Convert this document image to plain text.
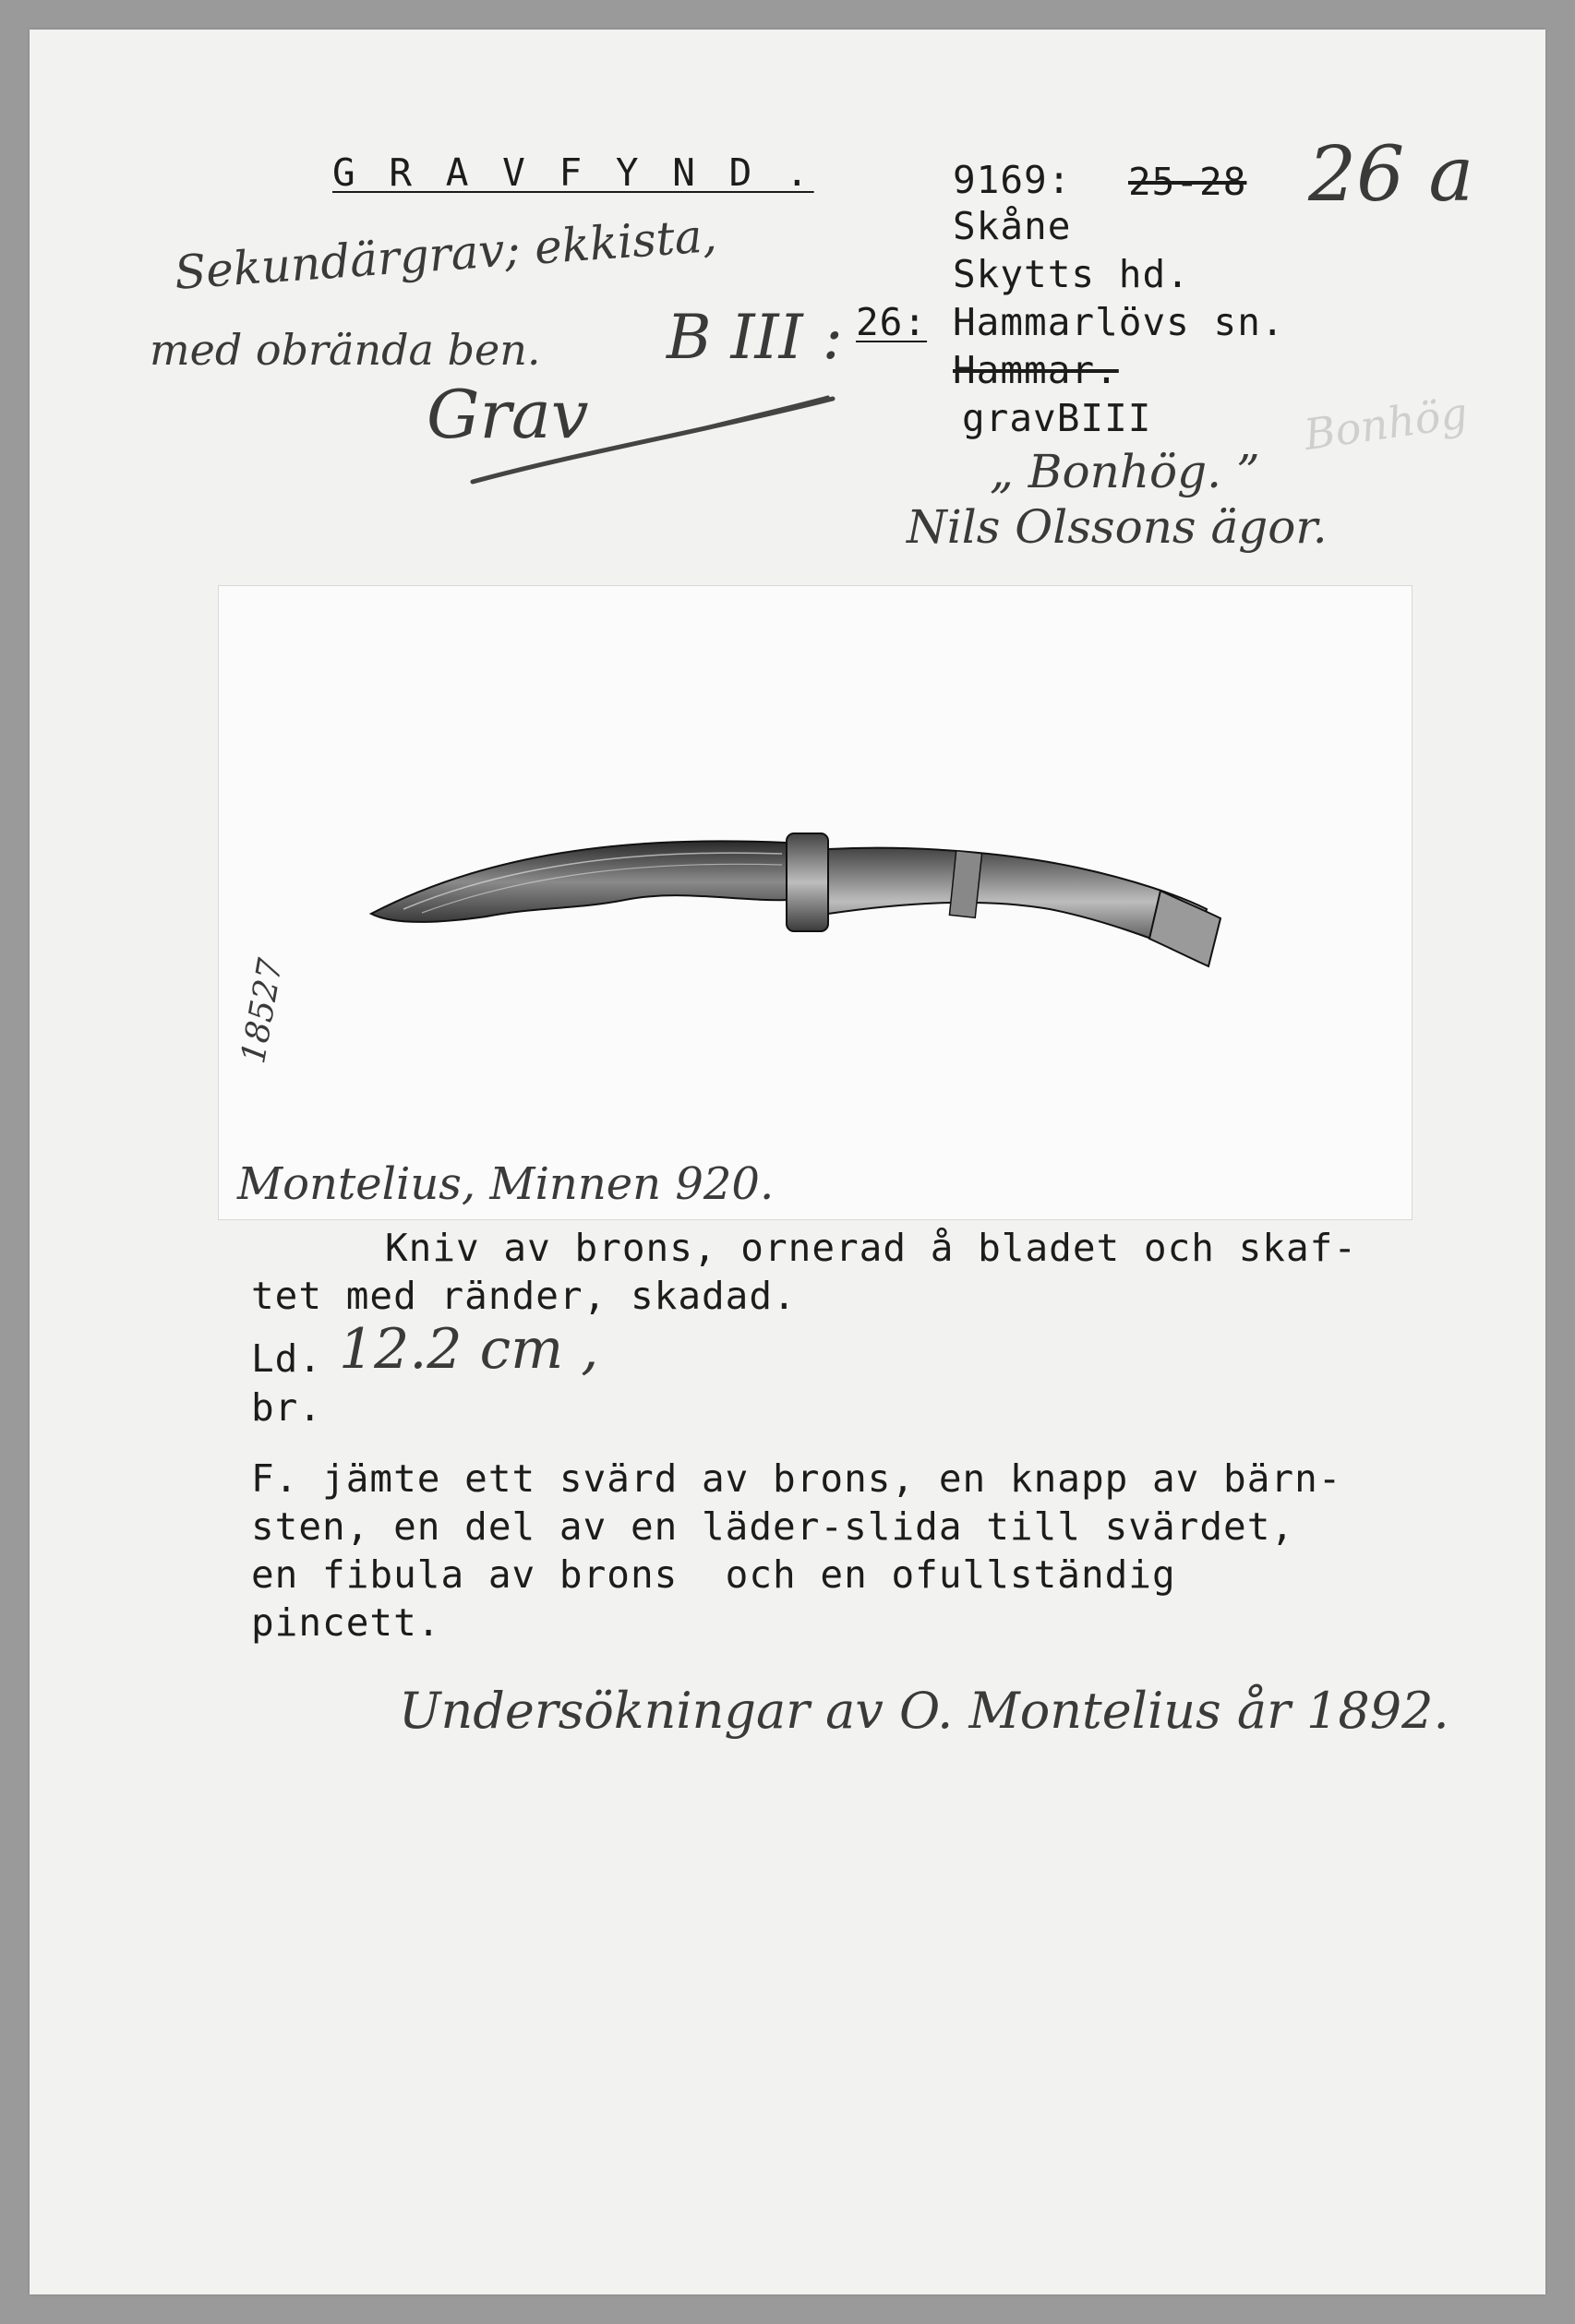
G R A V F Y N D .	9169: 25-28 26 a
Skåne
Skytts hd.
26: Hammarlövs sn.
Hammar.
gravBIII
„ Bonhög. ”
Nils Olssons ägor.
Sekundärgrav; ekkista,
med obrända ben. B III :
Grav	Bonhög
18527
Montelius, Minnen 920.
Kniv av brons, ornerad å bladet och skaf-
tet med ränder, skadad.
Ld. 12.2 cm ,
br.
F. jämte ett svärd av brons, en knapp av bärn-
sten, en del av en läder-slida till svärdet,
en fibula av brons  och en ofullständig
pincett.
Undersökningar av O. Montelius år 1892.
